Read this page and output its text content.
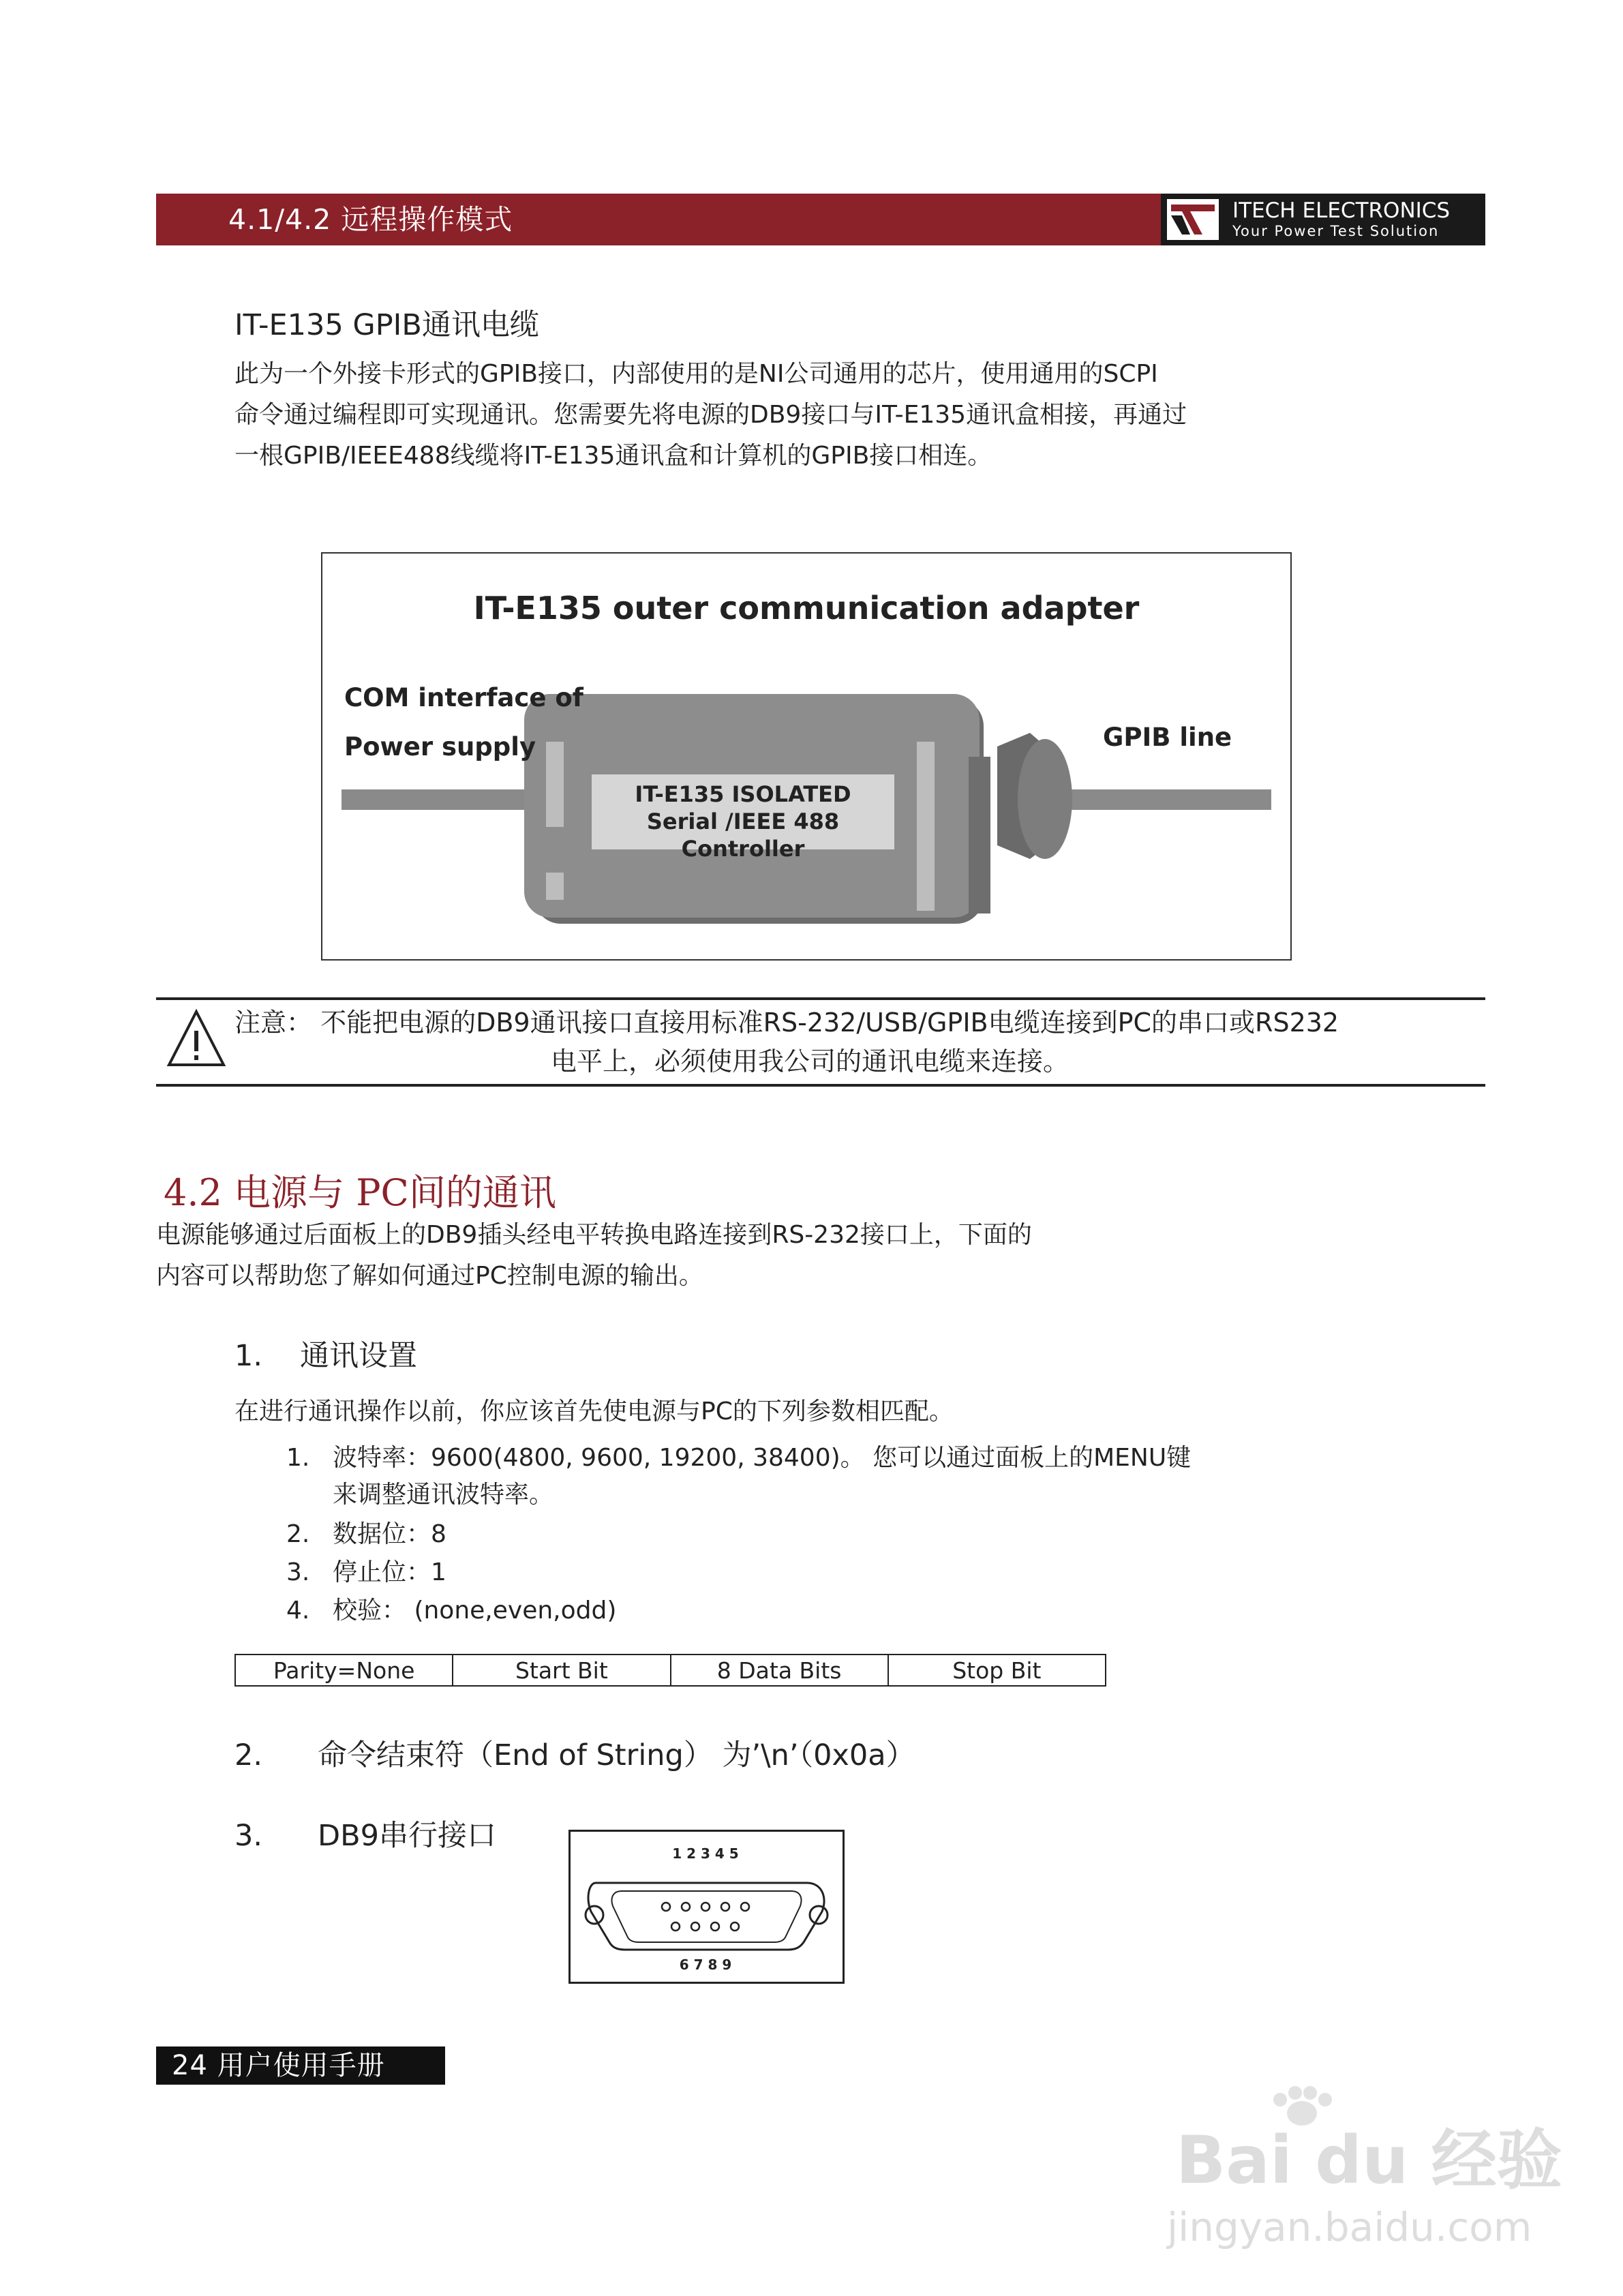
4.1/4.2 远程操作模式	ITECH ELECTRONICS
Your Power Test Solution
IT-E135 GPIB通讯电缆
此为一个外接卡形式的GPIB接口，内部使用的是NI公司通用的芯片，使用通用的SCPI
命令通过编程即可实现通讯。您需要先将电源的DB9接口与IT-E135通讯盒相接，再通过
一根GPIB/IEEE488线缆将IT-E135通讯盒和计算机的GPIB接口相连。
IT-E135 outer communication adapter
COM interface of
Power supply	GPIB line
IT-E135 ISOLATED
Serial /IEEE 488 Controller
注意： 不能把电源的DB9通讯接口直接用标准RS-232/USB/GPIB电缆连接到PC的串口或RS232
电平上，必须使用我公司的通讯电缆来连接。
4.2 电源与 PC间的通讯
电源能够通过后面板上的DB9插头经电平转换电路连接到RS-232接口上，下面的
内容可以帮助您了解如何通过PC控制电源的输出。
1. 通讯设置
在进行通讯操作以前，你应该首先使电源与PC的下列参数相匹配。
1. 波特率：9600(4800, 9600, 19200, 38400)。 您可以通过面板上的MENU键
来调整通讯波特率。
2. 数据位：8
3. 停止位：1
4. 校验： (none,even,odd)
Parity=None	Start Bit	8 Data Bits	Stop Bit
2. 命令结束符（End of String） 为’\n’（0x0a）
3. DB9串行接口
1 2 3 4 5
6 7 8 9
24 用户使用手册
Bai du 经验
jingyan.baidu.com
